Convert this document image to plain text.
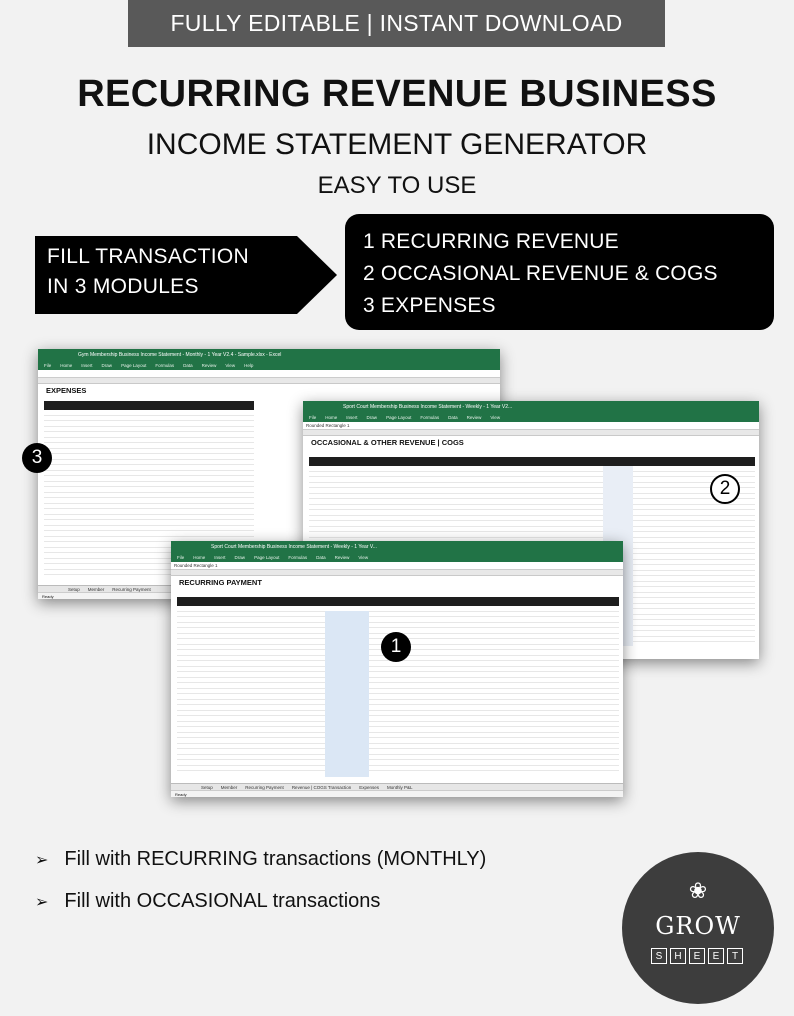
FULLY EDITABLE | INSTANT DOWNLOAD
RECURRING REVENUE BUSINESS
INCOME STATEMENT GENERATOR
EASY TO USE
FILL TRANSACTION
IN 3 MODULES
1 RECURRING REVENUE
2 OCCASIONAL REVENUE & COGS
3 EXPENSES
Gym Membership Business Income Statement - Monthly - 1 Year V2.4 - Sample.xlsx - Excel
File Home Insert Draw Page Layout Formulas Data Review View Help
EXPENSES
Setup Member Recurring Payment
Ready
Sport Court Membership Business Income Statement - Weekly - 1 Year V2...
File Home Insert Draw Page Layout Formulas Data Review View
Rounded Rectangle 1
OCCASIONAL & OTHER REVENUE | COGS
Sport Court Membership Business Income Statement - Weekly - 1 Year V...
File Home Insert Draw Page Layout Formulas Data Review View
Rounded Rectangle 1
RECURRING PAYMENT
Setup Member Recurring Payment Revenue | COGS Transaction Expenses Monthly P&L
Ready
1
2
3
➢ Fill with RECURRING transactions (MONTHLY)
➢ Fill with OCCASIONAL transactions	❀
GROW
S	H	E	E	T
